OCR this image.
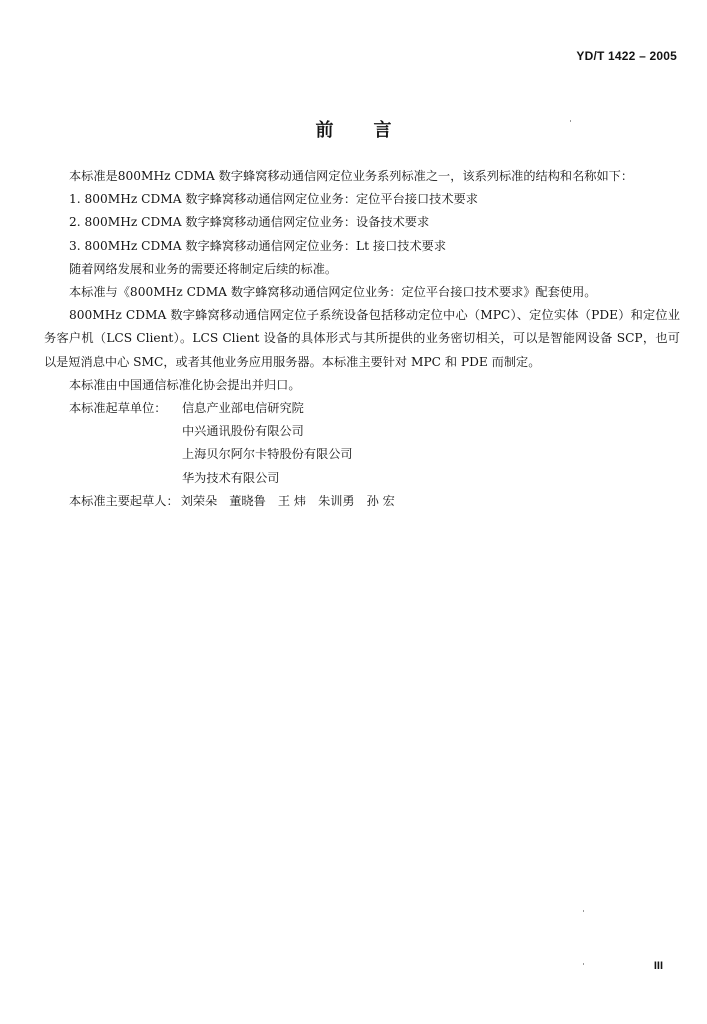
YD/T 1422 – 2005
前言

本标准是800MHz CDMA 数字蜂窝移动通信网定位业务系列标准之一，该系列标准的结构和名称如下：

1. 800MHz CDMA 数字蜂窝移动通信网定位业务：定位平台接口技术要求

2. 800MHz CDMA 数字蜂窝移动通信网定位业务：设备技术要求

3. 800MHz CDMA 数字蜂窝移动通信网定位业务：Lt 接口技术要求

随着网络发展和业务的需要还将制定后续的标准。

本标准与《800MHz CDMA 数字蜂窝移动通信网定位业务：定位平台接口技术要求》配套使用。

800MHz CDMA 数字蜂窝移动通信网定位子系统设备包括移动定位中心（MPC）、定位实体（PDE）和定位业务客户机（LCS Client）。LCS Client 设备的具体形式与其所提供的业务密切相关，可以是智能网设备 SCP，也可以是短消息中心 SMC，或者其他业务应用服务器。本标准主要针对 MPC 和 PDE 而制定。

本标准由中国通信标准化协会提出并归口。

本标准起草单位：	信息产业部电信研究院
中兴通讯股份有限公司
上海贝尔阿尔卡特股份有限公司
华为技术有限公司

本标准主要起草人： 刘荣朵 董晓鲁 王 炜 朱训勇 孙 宏

III
